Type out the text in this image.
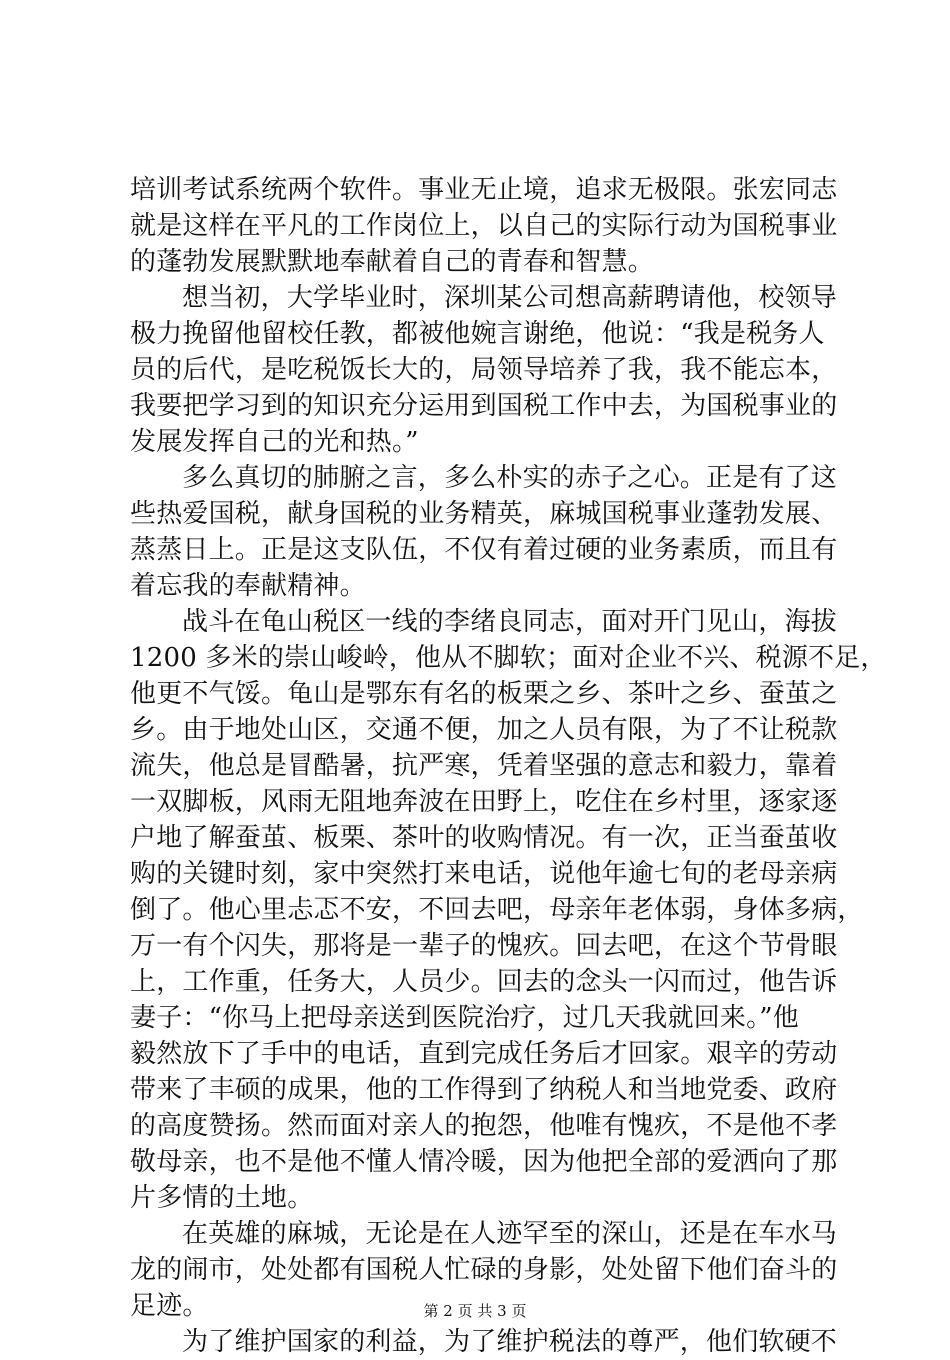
培训考试系统两个软件。事业无止境，追求无极限。张宏同志
就是这样在平凡的工作岗位上，以自己的实际行动为国税事业
的蓬勃发展默默地奉献着自己的青春和智慧。
想当初，大学毕业时，深圳某公司想高薪聘请他，校领导
极力挽留他留校任教，都被他婉言谢绝，他说：“我是税务人
员的后代，是吃税饭长大的，局领导培养了我，我不能忘本，
我要把学习到的知识充分运用到国税工作中去，为国税事业的
发展发挥自己的光和热。”
多么真切的肺腑之言，多么朴实的赤子之心。正是有了这
些热爱国税，献身国税的业务精英，麻城国税事业蓬勃发展、
蒸蒸日上。正是这支队伍，不仅有着过硬的业务素质，而且有
着忘我的奉献精神。
战斗在龟山税区一线的李绪良同志，面对开门见山，海拔
1200 多米的崇山峻岭，他从不脚软；面对企业不兴、税源不足，
他更不气馁。龟山是鄂东有名的板栗之乡、茶叶之乡、蚕茧之
乡。由于地处山区，交通不便，加之人员有限，为了不让税款
流失，他总是冒酷暑，抗严寒，凭着坚强的意志和毅力，靠着
一双脚板，风雨无阻地奔波在田野上，吃住在乡村里，逐家逐
户地了解蚕茧、板栗、茶叶的收购情况。有一次，正当蚕茧收
购的关键时刻，家中突然打来电话，说他年逾七旬的老母亲病
倒了。他心里忐忑不安，不回去吧，母亲年老体弱，身体多病，
万一有个闪失，那将是一辈子的愧疚。回去吧，在这个节骨眼
上，工作重，任务大，人员少。回去的念头一闪而过，他告诉
妻子：“你马上把母亲送到医院治疗，过几天我就回来。”他
毅然放下了手中的电话，直到完成任务后才回家。艰辛的劳动
带来了丰硕的成果，他的工作得到了纳税人和当地党委、政府
的高度赞扬。然而面对亲人的抱怨，他唯有愧疚，不是他不孝
敬母亲，也不是他不懂人情冷暖，因为他把全部的爱洒向了那
片多情的土地。
在英雄的麻城，无论是在人迹罕至的深山，还是在车水马
龙的闹市，处处都有国税人忙碌的身影，处处留下他们奋斗的
足迹。
为了维护国家的利益，为了维护税法的尊严，他们软硬不
第 2 页 共 3 页
